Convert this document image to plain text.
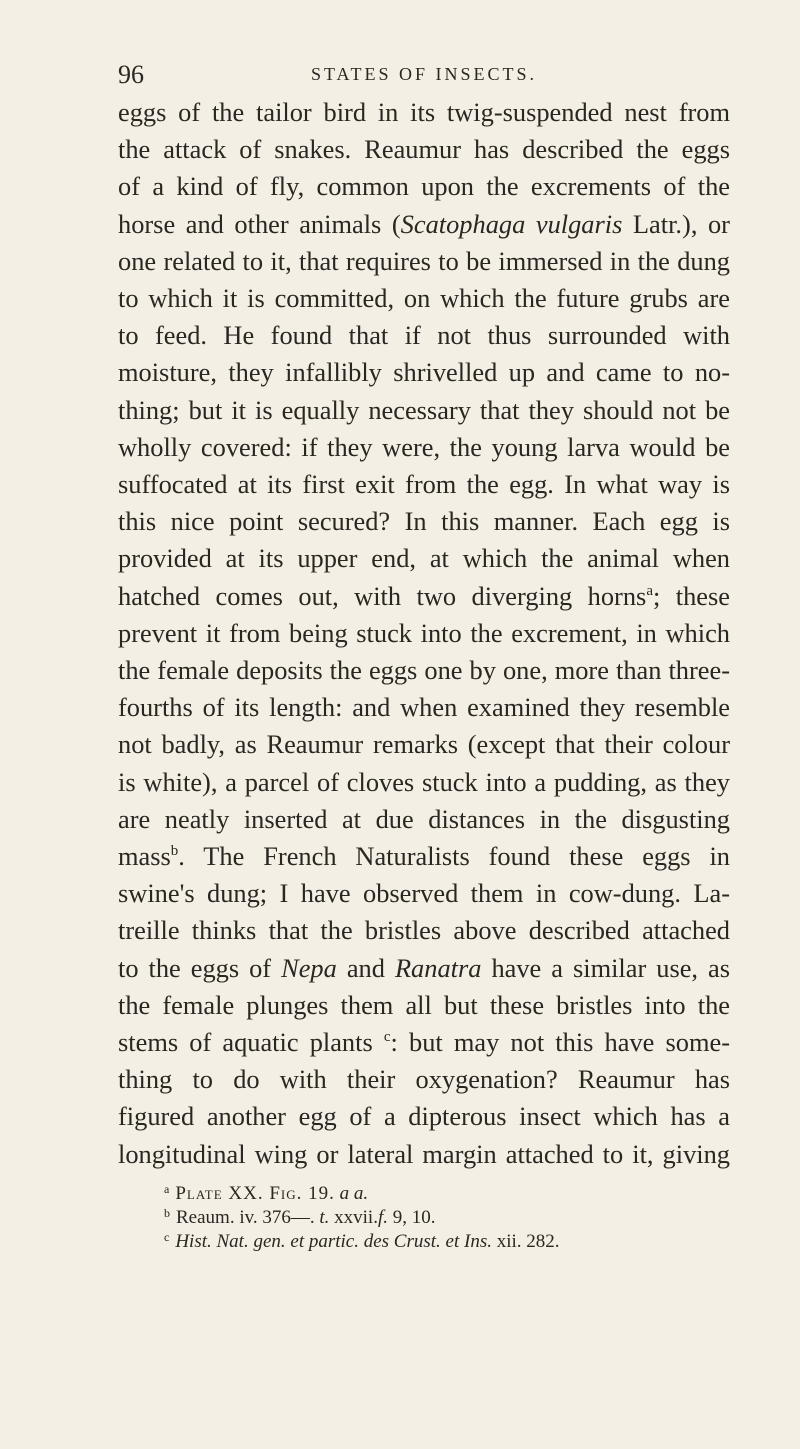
96	STATES OF INSECTS.

eggs of the tailor bird in its twig-suspended nest from
the attack of snakes. Reaumur has described the eggs
of a kind of fly, common upon the excrements of the
horse and other animals (Scatophaga vulgaris Latr.), or
one related to it, that requires to be immersed in the dung
to which it is committed, on which the future grubs are
to feed. He found that if not thus surrounded with
moisture, they infallibly shrivelled up and came to no-
thing; but it is equally necessary that they should not be
wholly covered: if they were, the young larva would be
suffocated at its first exit from the egg. In what way is
this nice point secured? In this manner. Each egg is
provided at its upper end, at which the animal when
hatched comes out, with two diverging horns$^a$; these
prevent it from being stuck into the excrement, in which
the female deposits the eggs one by one, more than three-
fourths of its length: and when examined they resemble
not badly, as Reaumur remarks (except that their colour
is white), a parcel of cloves stuck into a pudding, as they
are neatly inserted at due distances in the disgusting
mass$^b$. The French Naturalists found these eggs in
swine's dung; I have observed them in cow-dung. La-
treille thinks that the bristles above described attached
to the eggs of Nepa and Ranatra have a similar use, as
the female plunges them all but these bristles into the
stems of aquatic plants $^c$: but may not this have some-
thing to do with their oxygenation? Reaumur has
figured another egg of a dipterous insect which has a
longitudinal wing or lateral margin attached to it, giving

$^a$ Plate XX. Fig. 19. a a.
$^b$ Reaum. iv. 376—. t. xxvii.f. 9, 10.
$^c$ Hist. Nat. gen. et partic. des Crust. et Ins. xii. 282.
